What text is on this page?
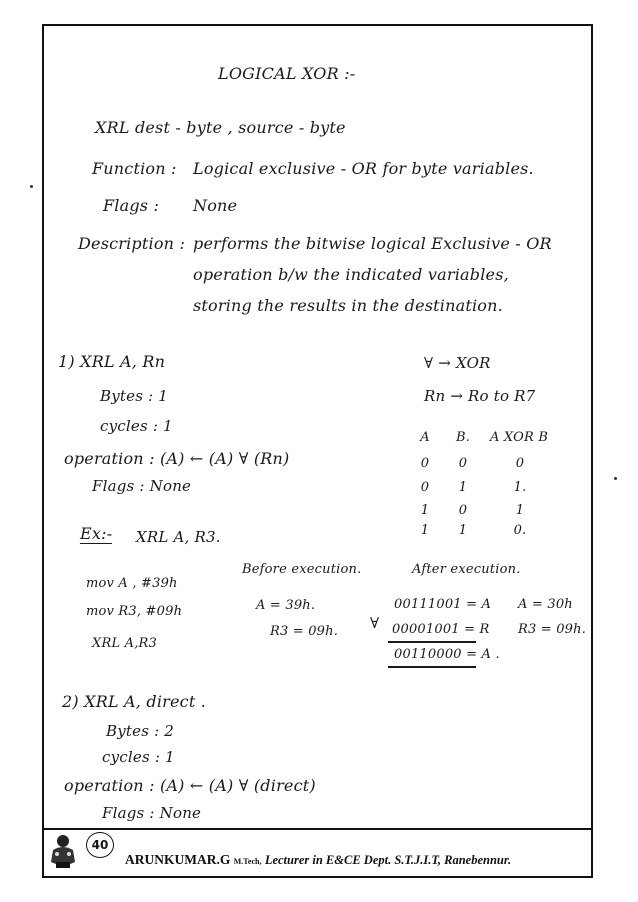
LOGICAL XOR :-
XRL dest - byte , source - byte
Function : Logical exclusive - OR for byte variables.
Flags : None
Description : performs the bitwise logical Exclusive - OR
operation b/w the indicated variables,
storing the results in the destination.
1) XRL A, Rn
Bytes : 1
cycles : 1
operation : (A) ← (A) ∀ (Rn)
Flags : None
∀ → XOR
Rn → Ro to R7
A	B.	A XOR B
0	0	0
0	1	1.
1	0	1
1	1	0.
Ex:- XRL A, R3.
mov A , #39h
mov R3, #09h
XRL A,R3
Before execution.
A = 39h.
R3 = 09h. ∀
After execution.
00111001 = A
00001001 = R
00110000 = A .
A = 30h
R3 = 09h.
2) XRL A, direct .
Bytes : 2
cycles : 1
operation : (A) ← (A) ∀ (direct)
Flags : None
40
ARUNKUMAR.G M.Tech, Lecturer in E&CE Dept. S.T.J.I.T, Ranebennur.
